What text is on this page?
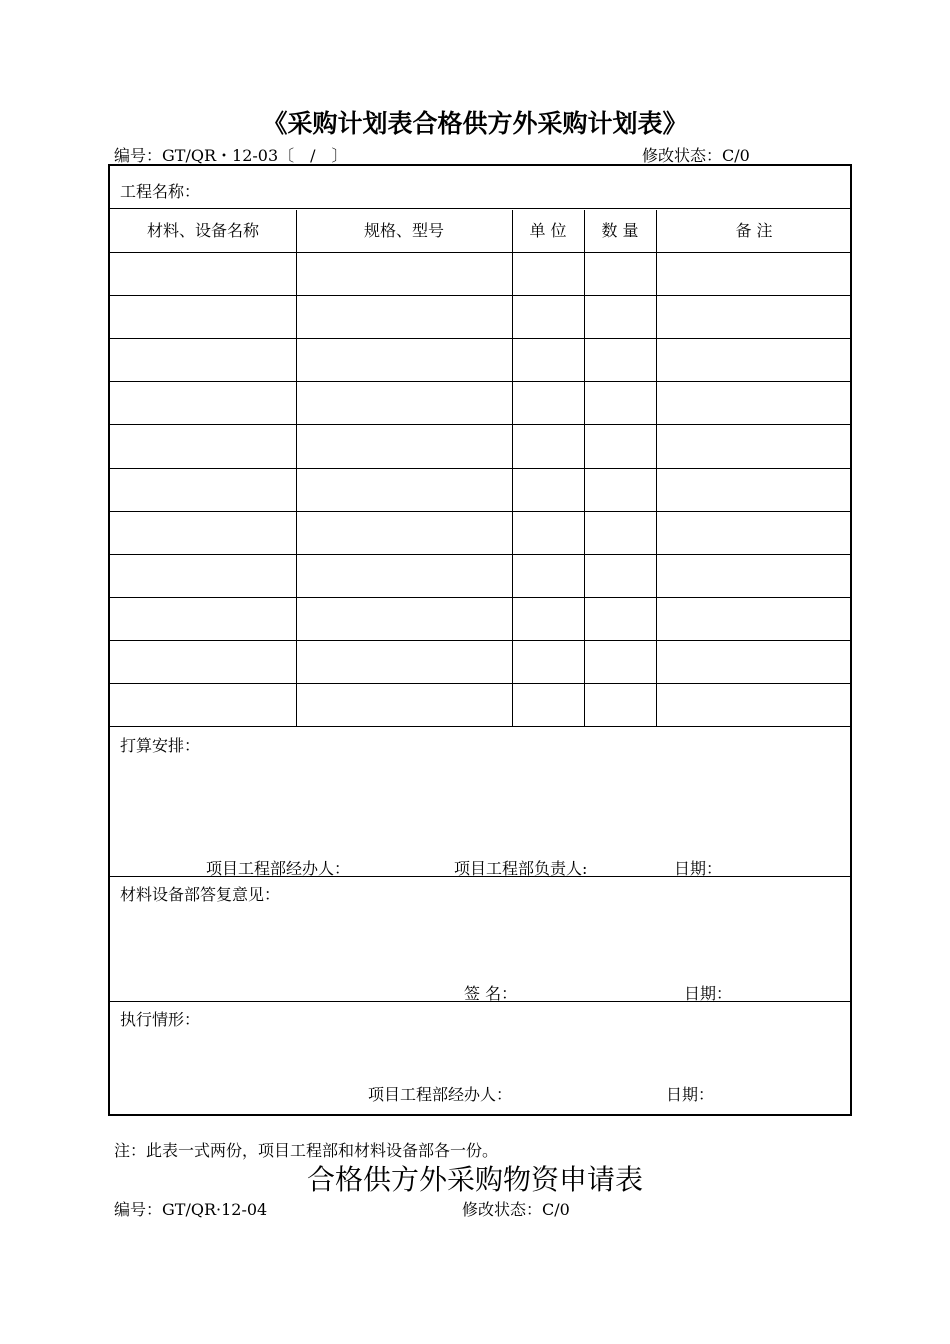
《采购计划表合格供方外采购计划表》
编号：GT/QR・12-03〔　/　〕	修改状态：C/0
工程名称：
材料、设备名称	规格、型号	单 位	数 量	备 注
打算安排：
项目工程部经办人：	项目工程部负责人:	日期：
材料设备部答复意见：
签 名：	日期：
执行情形：
项目工程部经办人：	日期：
注：此表一式两份，项目工程部和材料设备部各一份。
合格供方外采购物资申请表
编号：GT/QR·12-04	修改状态：C/0
